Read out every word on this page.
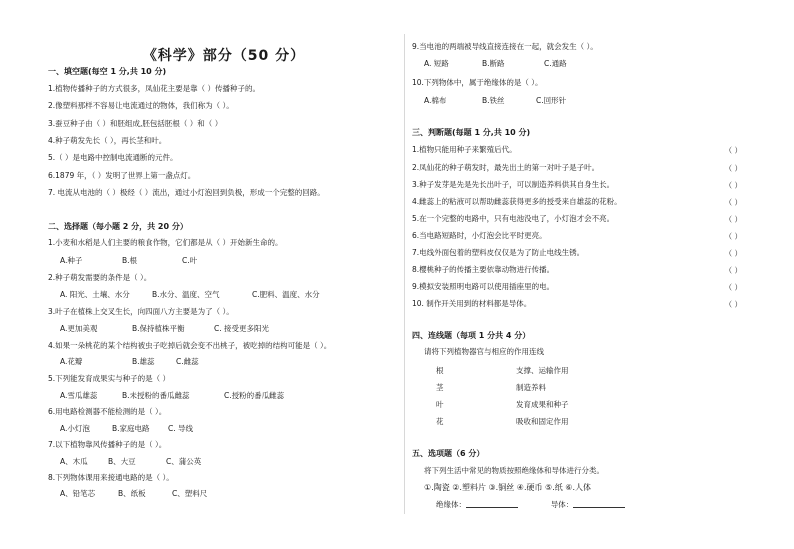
《科学》部分（50 分）
一、填空题(每空 1 分,共 10 分)
1.植物传播种子的方式很多，凤仙花主要是靠（ ）传播种子的。
2.像塑料那样不容易让电流通过的物体，我们称为（ ）。
3.蚕豆种子由（ ）和胚组成,胚包括胚根（ ）和（ ）
4.种子萌发先长（ ），再长茎和叶。
5.（ ）是电路中控制电流通断的元件。
6.1879 年，（ ）发明了世界上第一盏点灯。
7. 电流从电池的（ ）极经（ ）流出，通过小灯泡回到负极，形成一个完整的回路。
二、选择题（每小题 2 分，共 20 分）
1.小麦和水稻是人们主要的粮食作物，它们都是从（ ）开始新生命的。
A.种子	B.根	C.叶
2.种子萌发需要的条件是（ ）。
A. 阳光、土壤、水分	B.水分、温度、空气	C.肥料、温度、水分
3.叶子在植株上交叉生长，向四面八方主要是为了（ ）。
A.更加美观	B.保持植株平衡	C. 接受更多阳光
4.如果一朵桃花的某个结构被虫子吃掉后就会变不出桃子，被吃掉的结构可能是（ ）。
A.花瓣	B.雄蕊	C.雌蕊
5.下列能发育成果实与种子的是（ ）
A.雪瓜雄蕊	B.未授粉的番瓜雌蕊	C.授粉的番瓜雌蕊
6.用电路检测器不能检测的是（ ）。
A.小灯泡	B.家庭电路 C. 导线
7.以下植物靠风传播种子的是（ ）。
A、木瓜	B、大豆	C、蒲公英
8.下列物体课用来接通电路的是（ ）。
A、铅笔芯	B、纸板	C、塑料尺
9.当电池的两端被导线直接连接在一起，就会发生（ ）。
A. 短路	B.断路	C.通路
10.下列物体中，属于绝缘体的是（ ）。
A.棉布	B.铁丝	C.回形针
三、判断题(每题 1 分,共 10 分)
1.植物只能用种子来繁殖后代。	（ ）
2.凤仙花的种子萌发时，最先出土的第一对叶子是子叶。	（ ）
3.种子发芽是先是先长出叶子，可以制造养料供其自身生长。	（ ）
4.雌蕊上的粘液可以帮助雌蕊获得更多的授受来自雄蕊的花粉。	（ ）
5.在一个完整的电路中，只有电池没电了，小灯泡才会不亮。	（ ）
6.当电路短路时，小灯泡会比平时更亮。	（ ）
7.电线外面包着的塑料皮仅仅是为了防止电线生锈。	（ ）
8.樱桃种子的传播主要依靠动物进行传播。	（ ）
9.模拟安装照明电路可以使用插座里的电。	（ ）
10. 制作开关用到的材料都是导体。	（ ）
四、连线题（每项 1 分共 4 分）
请将下列植物器官与相应的作用连线
根	支撑、运输作用
茎	制造养料
叶	发育成果和种子
花	吸收和固定作用
五、选项题（6 分）
将下列生活中常见的物质按照绝缘体和导体进行分类。
①.陶瓷 ②.塑料片 ③.铜丝 ④.硬币 ⑤.纸 ⑥.人体
绝缘体：	导体：
